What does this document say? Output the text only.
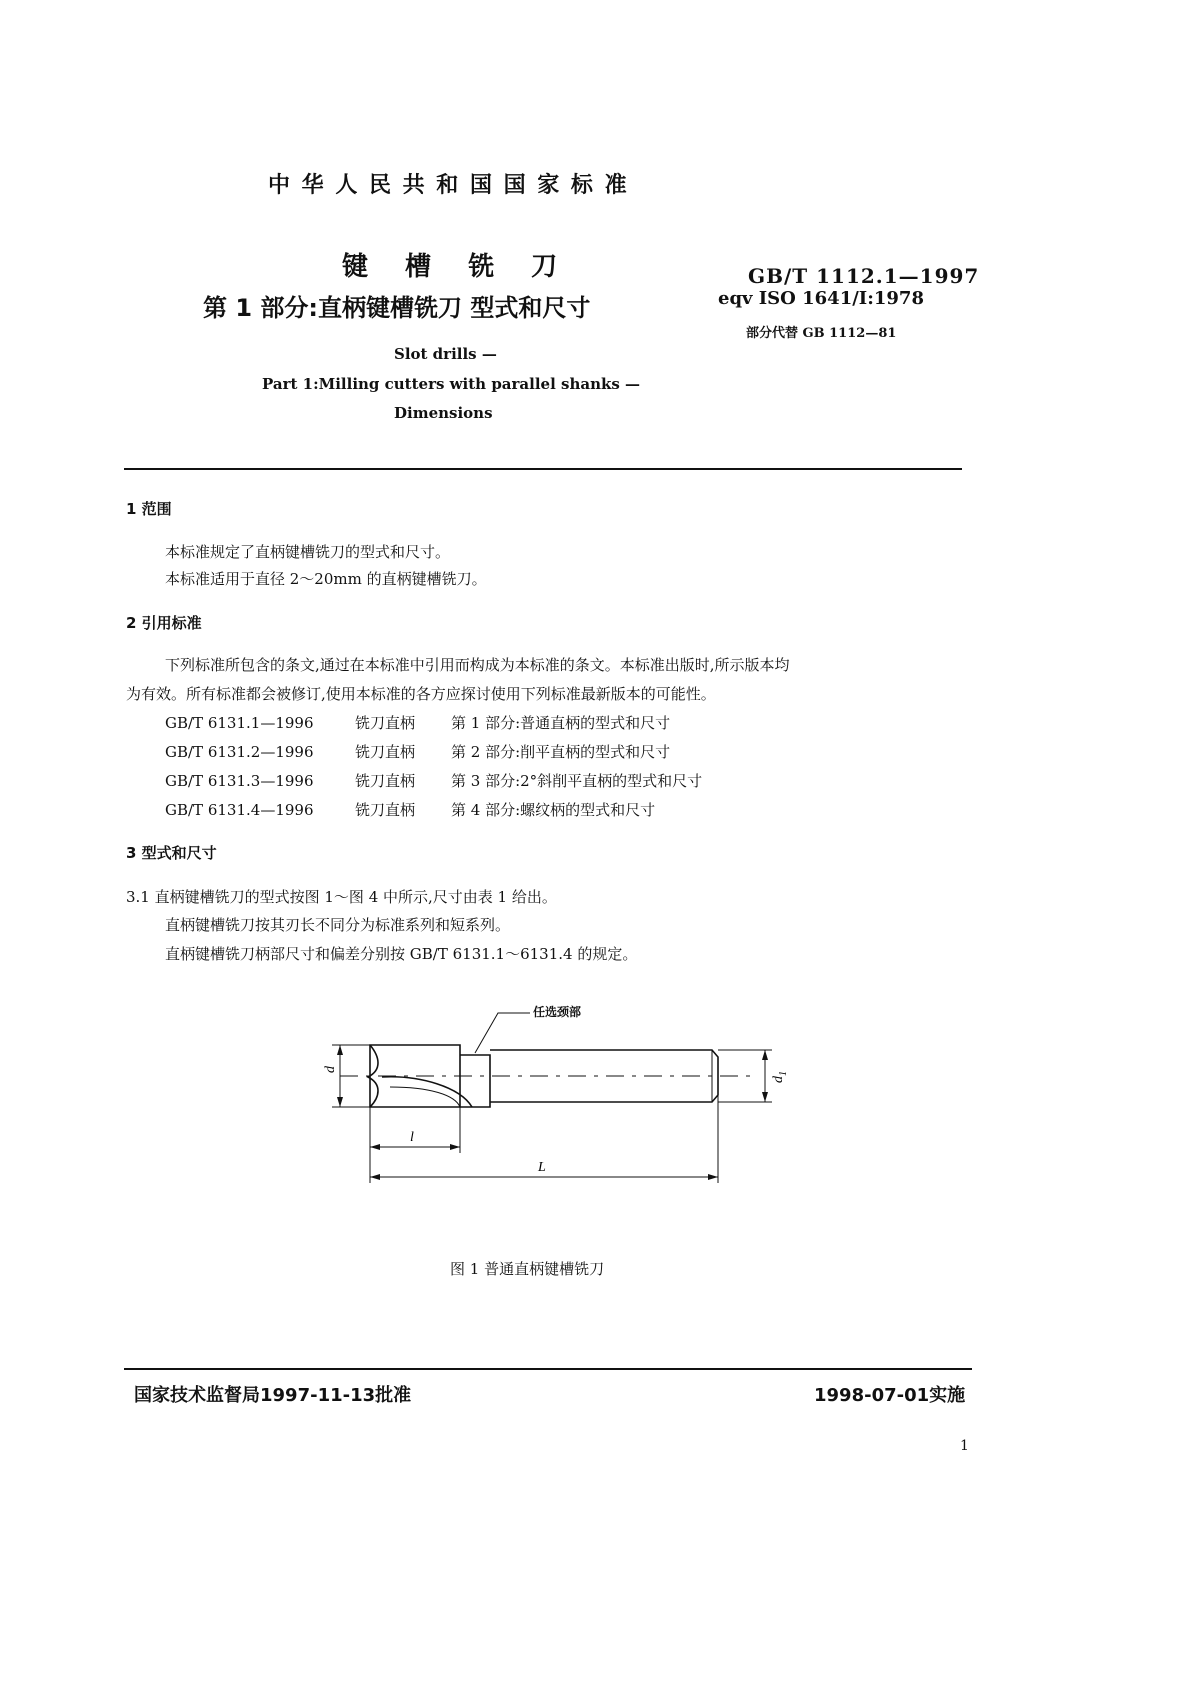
中 华 人 民 共 和 国 国 家 标 准
键 槽 铣 刀
第 1 部分:直柄键槽铣刀 型式和尺寸
GB/T 1112.1—1997
eqv ISO 1641/Ⅰ:1978
部分代替 GB 1112—81
Slot drills —
Part 1:Milling cutters with parallel shanks —
Dimensions
1 范围
本标准规定了直柄键槽铣刀的型式和尺寸。
本标准适用于直径 2～20mm 的直柄键槽铣刀。
2 引用标准
下列标准所包含的条文,通过在本标准中引用而构成为本标准的条文。本标准出版时,所示版本均
为有效。所有标准都会被修订,使用本标准的各方应探讨使用下列标准最新版本的可能性。
GB/T 6131.1—1996	铣刀直柄 第 1 部分:普通直柄的型式和尺寸
GB/T 6131.2—1996	铣刀直柄 第 2 部分:削平直柄的型式和尺寸
GB/T 6131.3—1996	铣刀直柄 第 3 部分:2°斜削平直柄的型式和尺寸
GB/T 6131.4—1996	铣刀直柄 第 4 部分:螺纹柄的型式和尺寸
3 型式和尺寸
3.1 直柄键槽铣刀的型式按图 1～图 4 中所示,尺寸由表 1 给出。
直柄键槽铣刀按其刃长不同分为标准系列和短系列。
直柄键槽铣刀柄部尺寸和偏差分别按 GB/T 6131.1～6131.4 的规定。
d
$d_1$
l
L
任选颈部
图 1 普通直柄键槽铣刀
国家技术监督局1997-11-13批准	1998-07-01实施
1
